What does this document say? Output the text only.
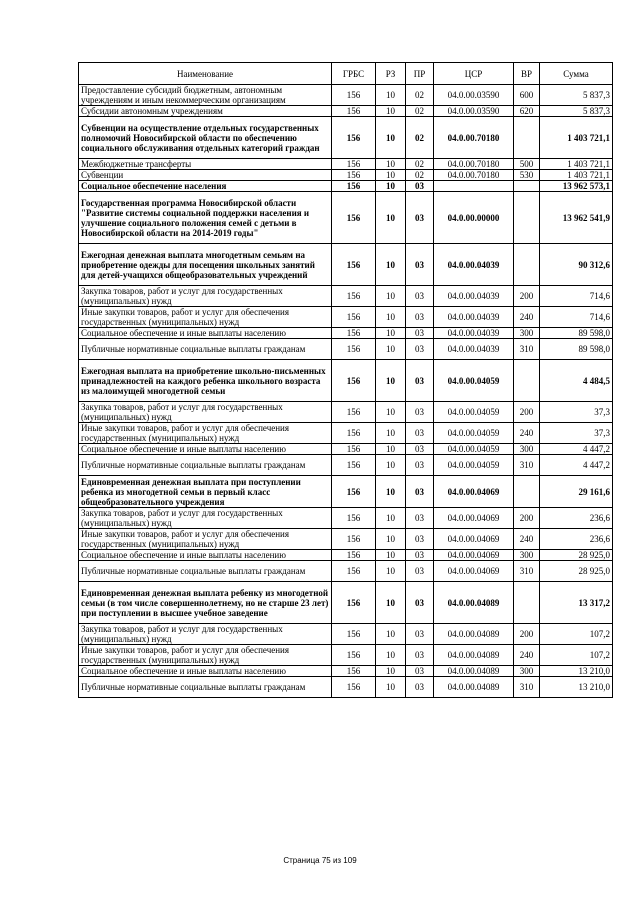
Наименование	ГРБС	РЗ	ПР	ЦСР	ВР	Сумма
Предоставление субсидий бюджетным, автономным учреждениям и иным некоммерческим организациям	156	10	02	04.0.00.03590	600	5 837,3
Субсидии автономным учреждениям	156	10	02	04.0.00.03590	620	5 837,3
Субвенции на осуществление отдельных государственных полномочий Новосибирской области по обеспечению социального обслуживания отдельных категорий граждан	156	10	02	04.0.00.70180		1 403 721,1
Межбюджетные трансферты	156	10	02	04.0.00.70180	500	1 403 721,1
Субвенции	156	10	02	04.0.00.70180	530	1 403 721,1
Социальное обеспечение населения	156	10	03			13 962 573,1
Государственная программа Новосибирской области "Развитие системы социальной поддержки населения и улучшение социального положения семей с детьми в Новосибирской области на 2014-2019 годы"	156	10	03	04.0.00.00000		13 962 541,9
Ежегодная денежная выплата многодетным семьям на приобретение одежды для посещения школьных занятий для детей-учащихся общеобразовательных учреждений	156	10	03	04.0.00.04039		90 312,6
Закупка товаров, работ и услуг для государственных (муниципальных) нужд	156	10	03	04.0.00.04039	200	714,6
Иные закупки товаров, работ и услуг для обеспечения государственных (муниципальных) нужд	156	10	03	04.0.00.04039	240	714,6
Социальное обеспечение и иные выплаты населению	156	10	03	04.0.00.04039	300	89 598,0
Публичные нормативные социальные выплаты гражданам	156	10	03	04.0.00.04039	310	89 598,0
Ежегодная выплата на приобретение школьно-письменных принадлежностей на каждого ребенка школьного возраста из малоимущей многодетной семьи	156	10	03	04.0.00.04059		4 484,5
Закупка товаров, работ и услуг для государственных (муниципальных) нужд	156	10	03	04.0.00.04059	200	37,3
Иные закупки товаров, работ и услуг для обеспечения государственных (муниципальных) нужд	156	10	03	04.0.00.04059	240	37,3
Социальное обеспечение и иные выплаты населению	156	10	03	04.0.00.04059	300	4 447,2
Публичные нормативные социальные выплаты гражданам	156	10	03	04.0.00.04059	310	4 447,2
Единовременная денежная выплата при поступлении ребенка из многодетной семьи в первый класс общеобразовательного учреждения	156	10	03	04.0.00.04069		29 161,6
Закупка товаров, работ и услуг для государственных (муниципальных) нужд	156	10	03	04.0.00.04069	200	236,6
Иные закупки товаров, работ и услуг для обеспечения государственных (муниципальных) нужд	156	10	03	04.0.00.04069	240	236,6
Социальное обеспечение и иные выплаты населению	156	10	03	04.0.00.04069	300	28 925,0
Публичные нормативные социальные выплаты гражданам	156	10	03	04.0.00.04069	310	28 925,0
Единовременная денежная выплата ребенку из многодетной семьи (в том числе совершеннолетнему, но не старше 23 лет) при поступлении в высшее учебное заведение	156	10	03	04.0.00.04089		13 317,2
Закупка товаров, работ и услуг для государственных (муниципальных) нужд	156	10	03	04.0.00.04089	200	107,2
Иные закупки товаров, работ и услуг для обеспечения государственных (муниципальных) нужд	156	10	03	04.0.00.04089	240	107,2
Социальное обеспечение и иные выплаты населению	156	10	03	04.0.00.04089	300	13 210,0
Публичные нормативные социальные выплаты гражданам	156	10	03	04.0.00.04089	310	13 210,0
Страница 75 из 109
